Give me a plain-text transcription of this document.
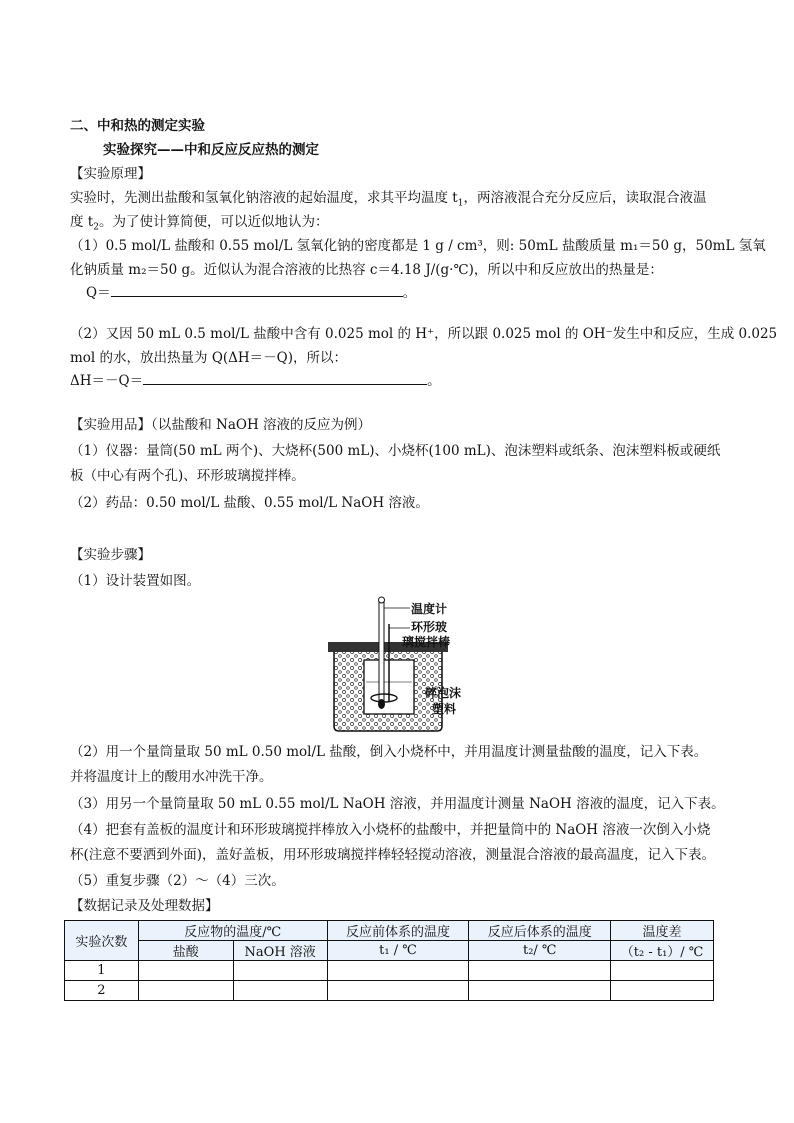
二、中和热的测定实验
实验探究——中和反应反应热的测定
【实验原理】
实验时，先测出盐酸和氢氧化钠溶液的起始温度，求其平均温度 $t_1$，两溶液混合充分反应后，读取混合液温
度 $t_2$。为了使计算简便，可以近似地认为：
（1）0.5 mol/L 盐酸和 0.55 mol/L 氢氧化钠的密度都是 1 g / cm³，则: 50mL 盐酸质量 m₁＝50 g，50mL 氢氧
化钠质量 m₂＝50 g。近似认为混合溶液的比热容 c＝4.18 J/(g·℃)，所以中和反应放出的热量是：
Q＝	。
（2）又因 50 mL 0.5 mol/L 盐酸中含有 0.025 mol 的 H⁺，所以跟 0.025 mol 的 OH⁻发生中和反应，生成 0.025
mol 的水，放出热量为 Q(ΔH＝－Q)，所以：
ΔH＝－Q＝	。
【实验用品】（以盐酸和 NaOH 溶液的反应为例）
（1）仪器：量筒(50 mL 两个)、大烧杯(500 mL)、小烧杯(100 mL)、泡沫塑料或纸条、泡沫塑料板或硬纸
板（中心有两个孔)、环形玻璃搅拌棒。
（2）药品：0.50 mol/L 盐酸、0.55 mol/L NaOH 溶液。
【实验步骤】
（1）设计装置如图。
温度计
环形玻
璃搅拌棒
碎泡沫
塑料
（2）用一个量筒量取 50 mL 0.50 mol/L 盐酸，倒入小烧杯中，并用温度计测量盐酸的温度，记入下表。
并将温度计上的酸用水冲洗干净。
（3）用另一个量筒量取 50 mL 0.55 mol/L NaOH 溶液，并用温度计测量 NaOH 溶液的温度，记入下表。
（4）把套有盖板的温度计和环形玻璃搅拌棒放入小烧杯的盐酸中，并把量筒中的 NaOH 溶液一次倒入小烧
杯(注意不要洒到外面)，盖好盖板，用环形玻璃搅拌棒轻轻搅动溶液，测量混合溶液的最高温度，记入下表。
（5）重复步骤（2）～（4）三次。
【数据记录及处理数据】
实验次数	反应物的温度/℃		反应前体系的温度	反应后体系的温度	温度差
	盐酸	NaOH 溶液	t₁ / ℃	t₂/ ℃	（t₂ - t₁）/ ℃
1					
2					
